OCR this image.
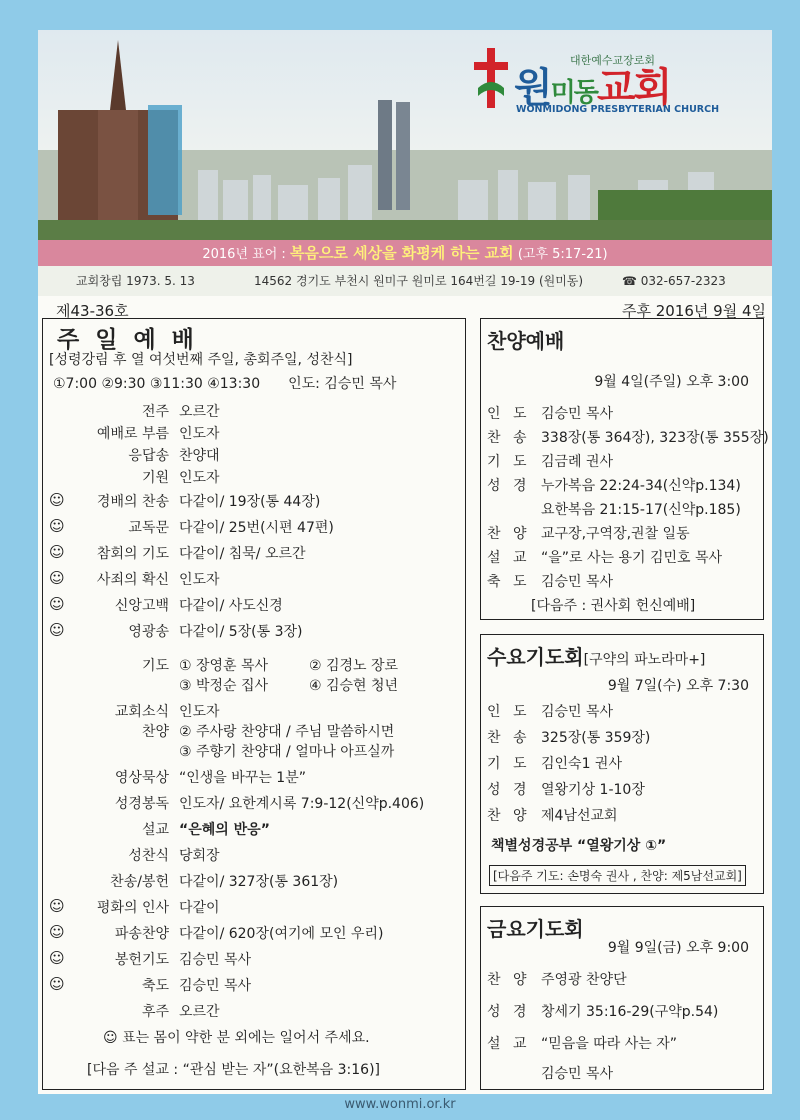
대한예수교장로회
원미동교회
WONMIDONG PRESBYTERIAN CHURCH
2016년 표어 : 복음으로 세상을 화평케 하는 교회 (고후 5:17-21)
교회창립 1973. 5. 13	14562 경기도 부천시 원미구 원미로 164번길 19-19 (원미동)	☎ 032-657-2323
제43-36호	주후 2016년 9월 4일
주 일 예 배
[성령강림 후 열 여섯번째 주일, 총회주일, 성찬식]
①7:00 ②9:30 ③11:30 ④13:30 인도: 김승민 목사
전주 오르간
예배로 부름 인도자
응답송 찬양대
기원 인도자
☺	경배의 찬송 다같이/ 19장(통 44장)
☺	교독문 다같이/ 25번(시편 47편)
☺	참회의 기도 다같이/ 침묵/ 오르간
☺	사죄의 확신 인도자
☺	신앙고백 다같이/ 사도신경
☺	영광송 다같이/ 5장(통 3장)
기도 ① 장영훈 목사	② 김경노 장로
③ 박정순 집사	④ 김승현 청년
교회소식 인도자
찬양 ② 주사랑 찬양대 / 주님 말씀하시면
③ 주향기 찬양대 / 얼마나 아프실까
영상묵상 “인생을 바꾸는 1분”
성경봉독 인도자/ 요한계시록 7:9-12(신약p.406)
설교 “은혜의 반응”
성찬식 당회장
찬송/봉헌 다같이/ 327장(통 361장)
☺	평화의 인사 다같이
☺	파송찬양 다같이/ 620장(여기에 모인 우리)
☺	봉헌기도 김승민 목사
☺	축도 김승민 목사
후주 오르간
☺ 표는 몸이 약한 분 외에는 일어서 주세요.
[다음 주 설교 : “관심 받는 자”(요한복음 3:16)]
찬양예배
9월 4일(주일) 오후 3:00
인 도 김승민 목사
찬 송 338장(통 364장), 323장(통 355장)
기 도 김금례 권사
성 경 누가복음 22:24-34(신약p.134)
요한복음 21:15-17(신약p.185)
찬 양 교구장,구역장,권찰 일동
설 교 “을”로 사는 용기 김민호 목사
축 도 김승민 목사
[다음주 : 권사회 헌신예배]
수요기도회[구약의 파노라마+]
9월 7일(수) 오후 7:30
인 도 김승민 목사
찬 송 325장(통 359장)
기 도 김인숙1 권사
성 경 열왕기상 1-10장
찬 양 제4남선교회
책별성경공부 “열왕기상 ①”
[다음주 기도: 손명숙 권사 , 찬양: 제5남선교회]
금요기도회
9월 9일(금) 오후 9:00
찬 양 주영광 찬양단
성 경 창세기 35:16-29(구약p.54)
설 교 “믿음을 따라 사는 자”
김승민 목사
www.wonmi.or.kr
